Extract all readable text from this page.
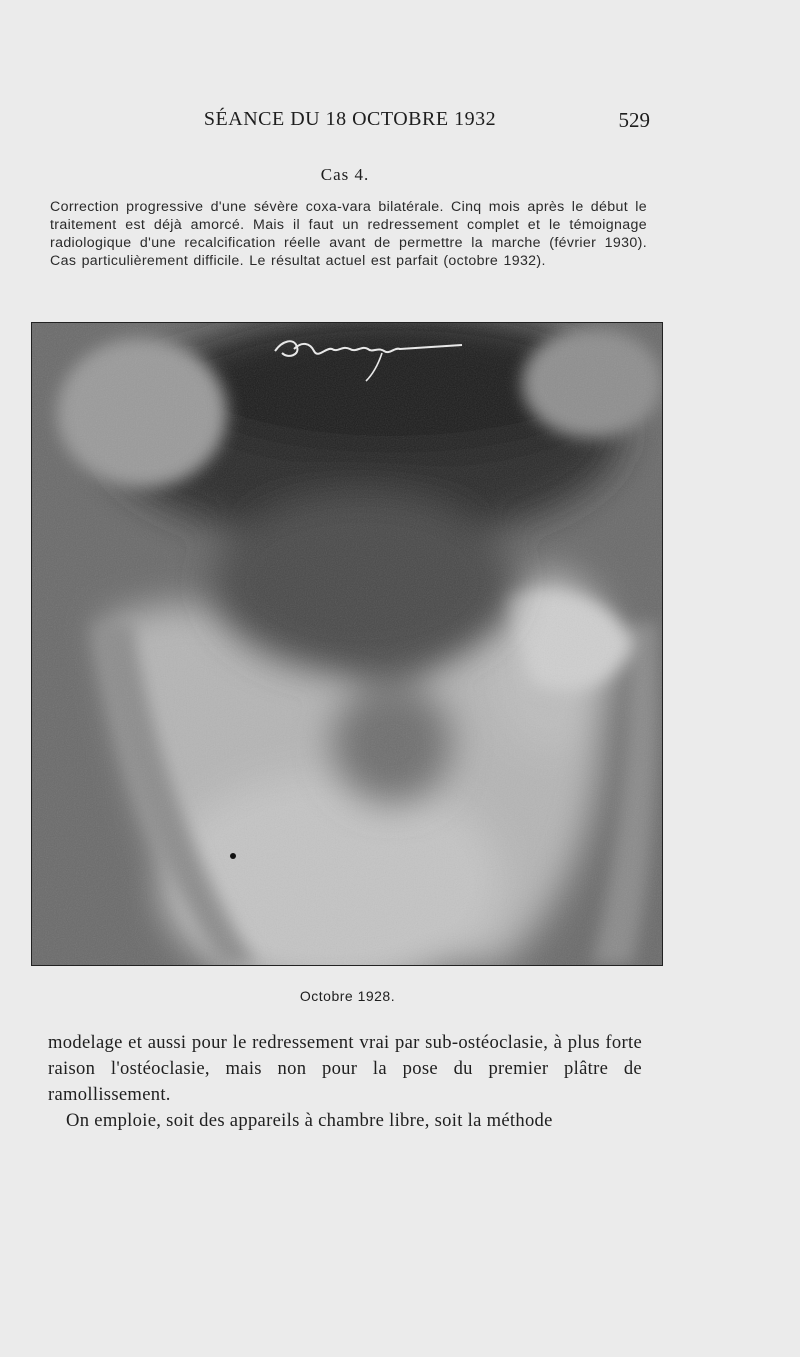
SÉANCE DU 18 OCTOBRE 1932	529
Cas 4.
Correction progressive d'une sévère coxa-vara bilatérale. Cinq mois après le début le traitement est déjà amorcé. Mais il faut un redressement complet et le témoignage radiologique d'une recalcification réelle avant de permettre la marche (février 1930). Cas particulièrement difficile. Le résultat actuel est parfait (octobre 1932).
Octobre 1928.

modelage et aussi pour le redressement vrai par sub-ostéoclasie, à plus forte raison l'ostéoclasie, mais non pour la pose du premier plâtre de ramollissement.

On emploie, soit des appareils à chambre libre, soit la méthode
